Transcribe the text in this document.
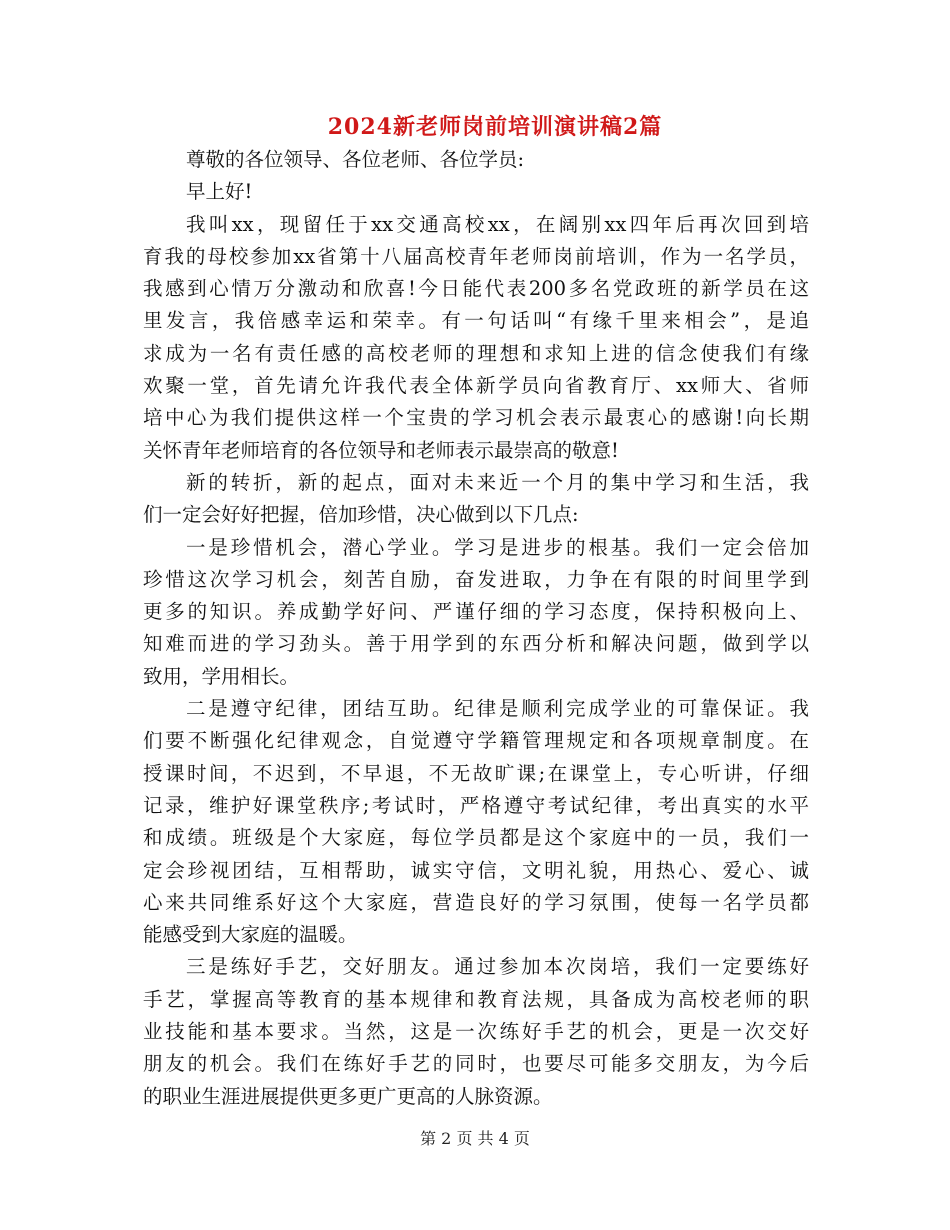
2024新老师岗前培训演讲稿2篇
尊敬的各位领导、各位老师、各位学员:
早上好!
我叫xx，现留任于xx交通高校xx，在阔别xx四年后再次回到培
育我的母校参加xx省第十八届高校青年老师岗前培训，作为一名学员，
我感到心情万分激动和欣喜!今日能代表200多名党政班的新学员在这
里发言，我倍感幸运和荣幸。有一句话叫“有缘千里来相会”，是追
求成为一名有责任感的高校老师的理想和求知上进的信念使我们有缘
欢聚一堂，首先请允许我代表全体新学员向省教育厅、xx师大、省师
培中心为我们提供这样一个宝贵的学习机会表示最衷心的感谢!向长期
关怀青年老师培育的各位领导和老师表示最崇高的敬意!
新的转折，新的起点，面对未来近一个月的集中学习和生活，我
们一定会好好把握，倍加珍惜，决心做到以下几点:
一是珍惜机会，潜心学业。学习是进步的根基。我们一定会倍加
珍惜这次学习机会，刻苦自励，奋发进取，力争在有限的时间里学到
更多的知识。养成勤学好问、严谨仔细的学习态度，保持积极向上、
知难而进的学习劲头。善于用学到的东西分析和解决问题，做到学以
致用，学用相长。
二是遵守纪律，团结互助。纪律是顺利完成学业的可靠保证。我
们要不断强化纪律观念，自觉遵守学籍管理规定和各项规章制度。在
授课时间，不迟到，不早退，不无故旷课;在课堂上，专心听讲，仔细
记录，维护好课堂秩序;考试时，严格遵守考试纪律，考出真实的水平
和成绩。班级是个大家庭，每位学员都是这个家庭中的一员，我们一
定会珍视团结，互相帮助，诚实守信，文明礼貌，用热心、爱心、诚
心来共同维系好这个大家庭，营造良好的学习氛围，使每一名学员都
能感受到大家庭的温暖。
三是练好手艺，交好朋友。通过参加本次岗培，我们一定要练好
手艺，掌握高等教育的基本规律和教育法规，具备成为高校老师的职
业技能和基本要求。当然，这是一次练好手艺的机会，更是一次交好
朋友的机会。我们在练好手艺的同时，也要尽可能多交朋友，为今后
的职业生涯进展提供更多更广更高的人脉资源。
第 2 页 共 4 页
